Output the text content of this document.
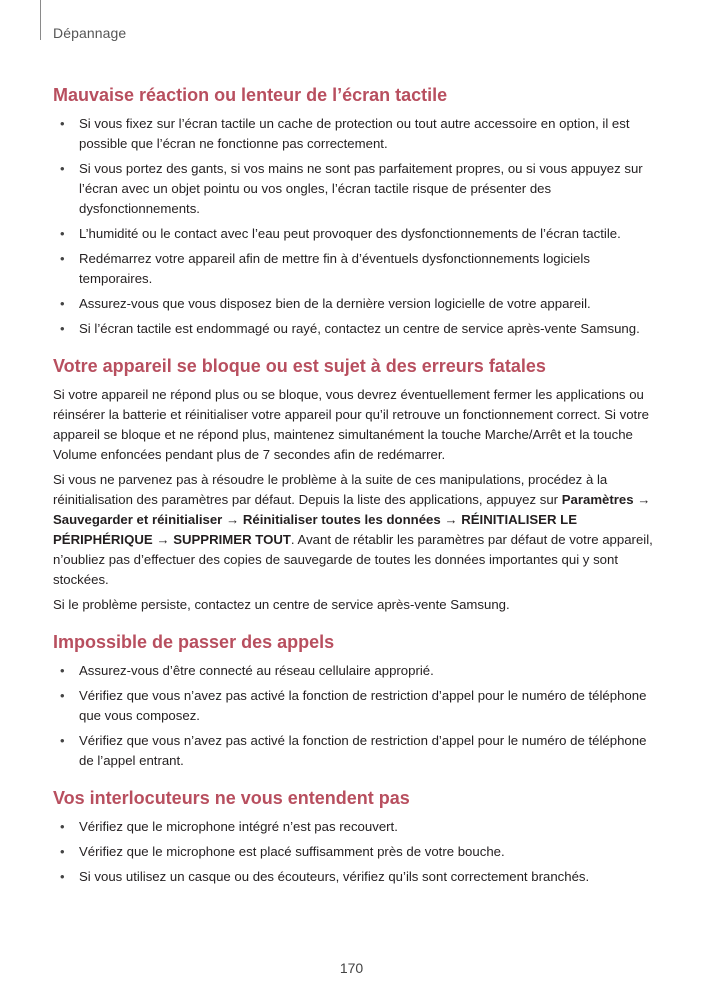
Dépannage
Mauvaise réaction ou lenteur de l’écran tactile
• Si vous fixez sur l’écran tactile un cache de protection ou tout autre accessoire en option, il est possible que l’écran ne fonctionne pas correctement.
• Si vous portez des gants, si vos mains ne sont pas parfaitement propres, ou si vous appuyez sur l’écran avec un objet pointu ou vos ongles, l’écran tactile risque de présenter des dysfonctionnements.
• L’humidité ou le contact avec l’eau peut provoquer des dysfonctionnements de l’écran tactile.
• Redémarrez votre appareil afin de mettre fin à d’éventuels dysfonctionnements logiciels temporaires.
• Assurez-vous que vous disposez bien de la dernière version logicielle de votre appareil.
• Si l’écran tactile est endommagé ou rayé, contactez un centre de service après-vente Samsung.
Votre appareil se bloque ou est sujet à des erreurs fatales

Si votre appareil ne répond plus ou se bloque, vous devrez éventuellement fermer les applications ou réinsérer la batterie et réinitialiser votre appareil pour qu’il retrouve un fonctionnement correct. Si votre appareil se bloque et ne répond plus, maintenez simultanément la touche Marche/Arrêt et la touche Volume enfoncées pendant plus de 7 secondes afin de redémarrer.

Si vous ne parvenez pas à résoudre le problème à la suite de ces manipulations, procédez à la réinitialisation des paramètres par défaut. Depuis la liste des applications, appuyez sur Paramètres → Sauvegarder et réinitialiser → Réinitialiser toutes les données → RÉINITIALISER LE PÉRIPHÉRIQUE → SUPPRIMER TOUT. Avant de rétablir les paramètres par défaut de votre appareil, n’oubliez pas d’effectuer des copies de sauvegarde de toutes les données importantes qui y sont stockées.

Si le problème persiste, contactez un centre de service après-vente Samsung.

Impossible de passer des appels
• Assurez-vous d’être connecté au réseau cellulaire approprié.
• Vérifiez que vous n’avez pas activé la fonction de restriction d’appel pour le numéro de téléphone que vous composez.
• Vérifiez que vous n’avez pas activé la fonction de restriction d’appel pour le numéro de téléphone de l’appel entrant.
Vos interlocuteurs ne vous entendent pas
• Vérifiez que le microphone intégré n’est pas recouvert.
• Vérifiez que le microphone est placé suffisamment près de votre bouche.
• Si vous utilisez un casque ou des écouteurs, vérifiez qu’ils sont correctement branchés.
170
